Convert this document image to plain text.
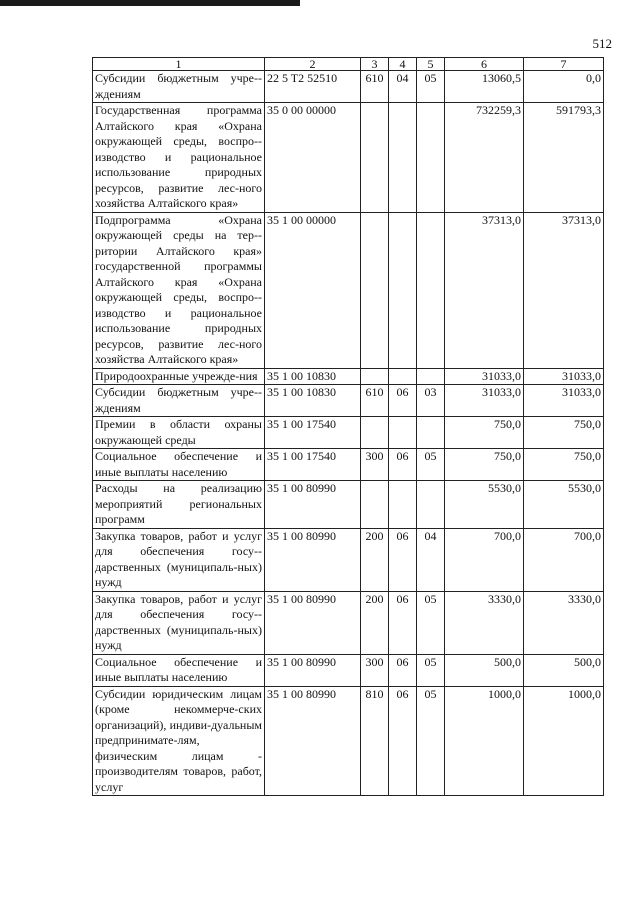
512
1	2	3	4	5	6	7
Субсидии бюджетным учре-ждениям	22 5 T2 52510	610	04	05	13060,5	0,0
Государственная программа Алтайского края «Охрана окружающей среды, воспро-изводство и рациональное использование природных ресурсов, развитие лес-ного хозяйства Алтайского края»	35 0 00 00000				732259,3	591793,3
Подпрограмма «Охрана окружающей среды на тер-ритории Алтайского края» государственной программы Алтайского края «Охрана окружающей среды, воспро-изводство и рациональное использование природных ресурсов, развитие лес-ного хозяйства Алтайского края»	35 1 00 00000				37313,0	37313,0
Природоохранные учрежде-ния	35 1 00 10830				31033,0	31033,0
Субсидии бюджетным учре-ждениям	35 1 00 10830	610	06	03	31033,0	31033,0
Премии в области охраны окружающей среды	35 1 00 17540				750,0	750,0
Социальное обеспечение и иные выплаты населению	35 1 00 17540	300	06	05	750,0	750,0
Расходы на реализацию мероприятий региональных программ	35 1 00 80990				5530,0	5530,0
Закупка товаров, работ и услуг для обеспечения госу-дарственных (муниципаль-ных) нужд	35 1 00 80990	200	06	04	700,0	700,0
Закупка товаров, работ и услуг для обеспечения госу-дарственных (муниципаль-ных) нужд	35 1 00 80990	200	06	05	3330,0	3330,0
Социальное обеспечение и иные выплаты населению	35 1 00 80990	300	06	05	500,0	500,0
Субсидии юридическим лицам (кроме некоммерче-ских организаций), индиви-дуальным предпринимате-лям, физическим лицам - производителям товаров, работ, услуг	35 1 00 80990	810	06	05	1000,0	1000,0
